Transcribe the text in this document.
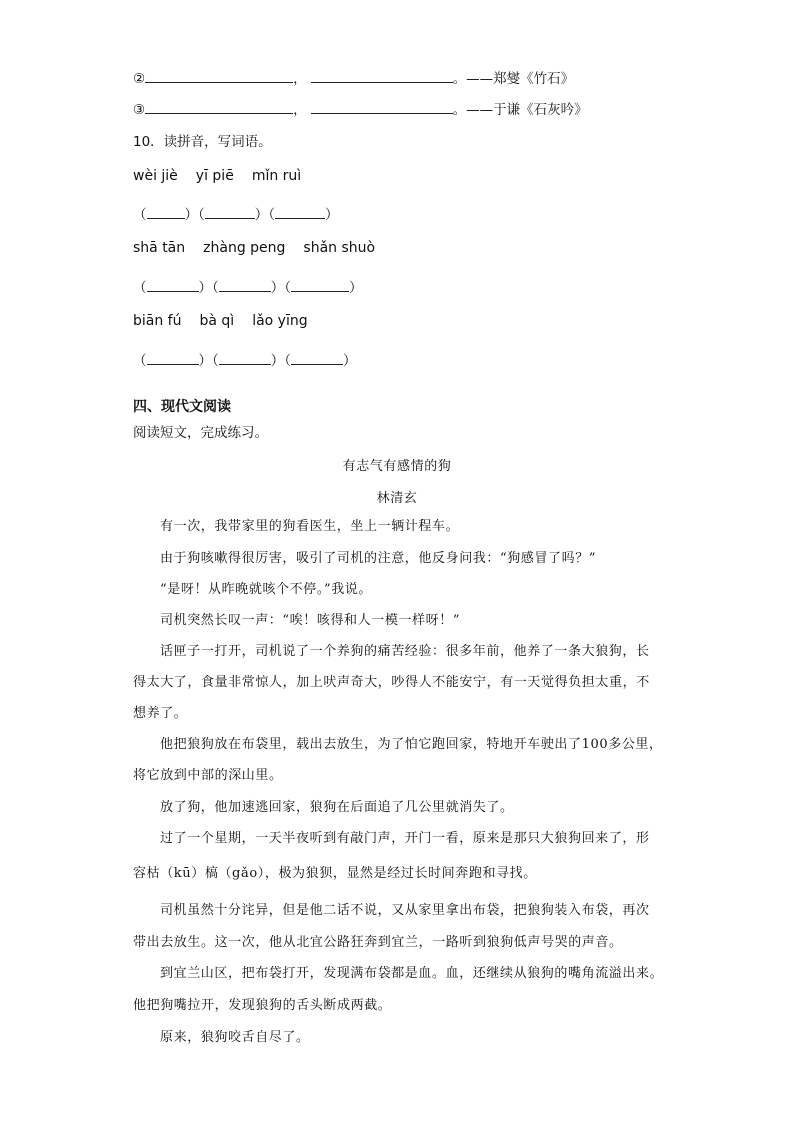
②	，	。——郑燮《竹石》
③	，	。——于谦《石灰吟》
10．读拼音，写词语。
wèi jiè yī piē mǐn ruì
（	）（	）（	）
shā tān zhàng peng shǎn shuò
（	）（	）（	）
biān fú bà qì lǎo yīng
（	）（	）（	）
四、现代文阅读
阅读短文，完成练习。
有志气有感情的狗
林清玄
有一次，我带家里的狗看医生，坐上一辆计程车。
由于狗咳嗽得很厉害，吸引了司机的注意，他反身问我：“狗感冒了吗？”
“是呀！从昨晚就咳个不停。”我说。
司机突然长叹一声：“唉！咳得和人一模一样呀！”
话匣子一打开，司机说了一个养狗的痛苦经验：很多年前，他养了一条大狼狗，长
得太大了，食量非常惊人，加上吠声奇大，吵得人不能安宁，有一天觉得负担太重，不
想养了。
他把狼狗放在布袋里，载出去放生，为了怕它跑回家，特地开车驶出了100多公里，
将它放到中部的深山里。
放了狗，他加速逃回家，狼狗在后面追了几公里就消失了。
过了一个星期，一天半夜听到有敲门声，开门一看，原来是那只大狼狗回来了，形
容枯（kū）槁（gǎo），极为狼狈，显然是经过长时间奔跑和寻找。
司机虽然十分诧异，但是他二话不说，又从家里拿出布袋，把狼狗装入布袋，再次
带出去放生。这一次，他从北宜公路狂奔到宜兰，一路听到狼狗低声号哭的声音。
到宜兰山区，把布袋打开，发现满布袋都是血。血，还继续从狼狗的嘴角流溢出来。
他把狗嘴拉开，发现狼狗的舌头断成两截。
原来，狼狗咬舌自尽了。
